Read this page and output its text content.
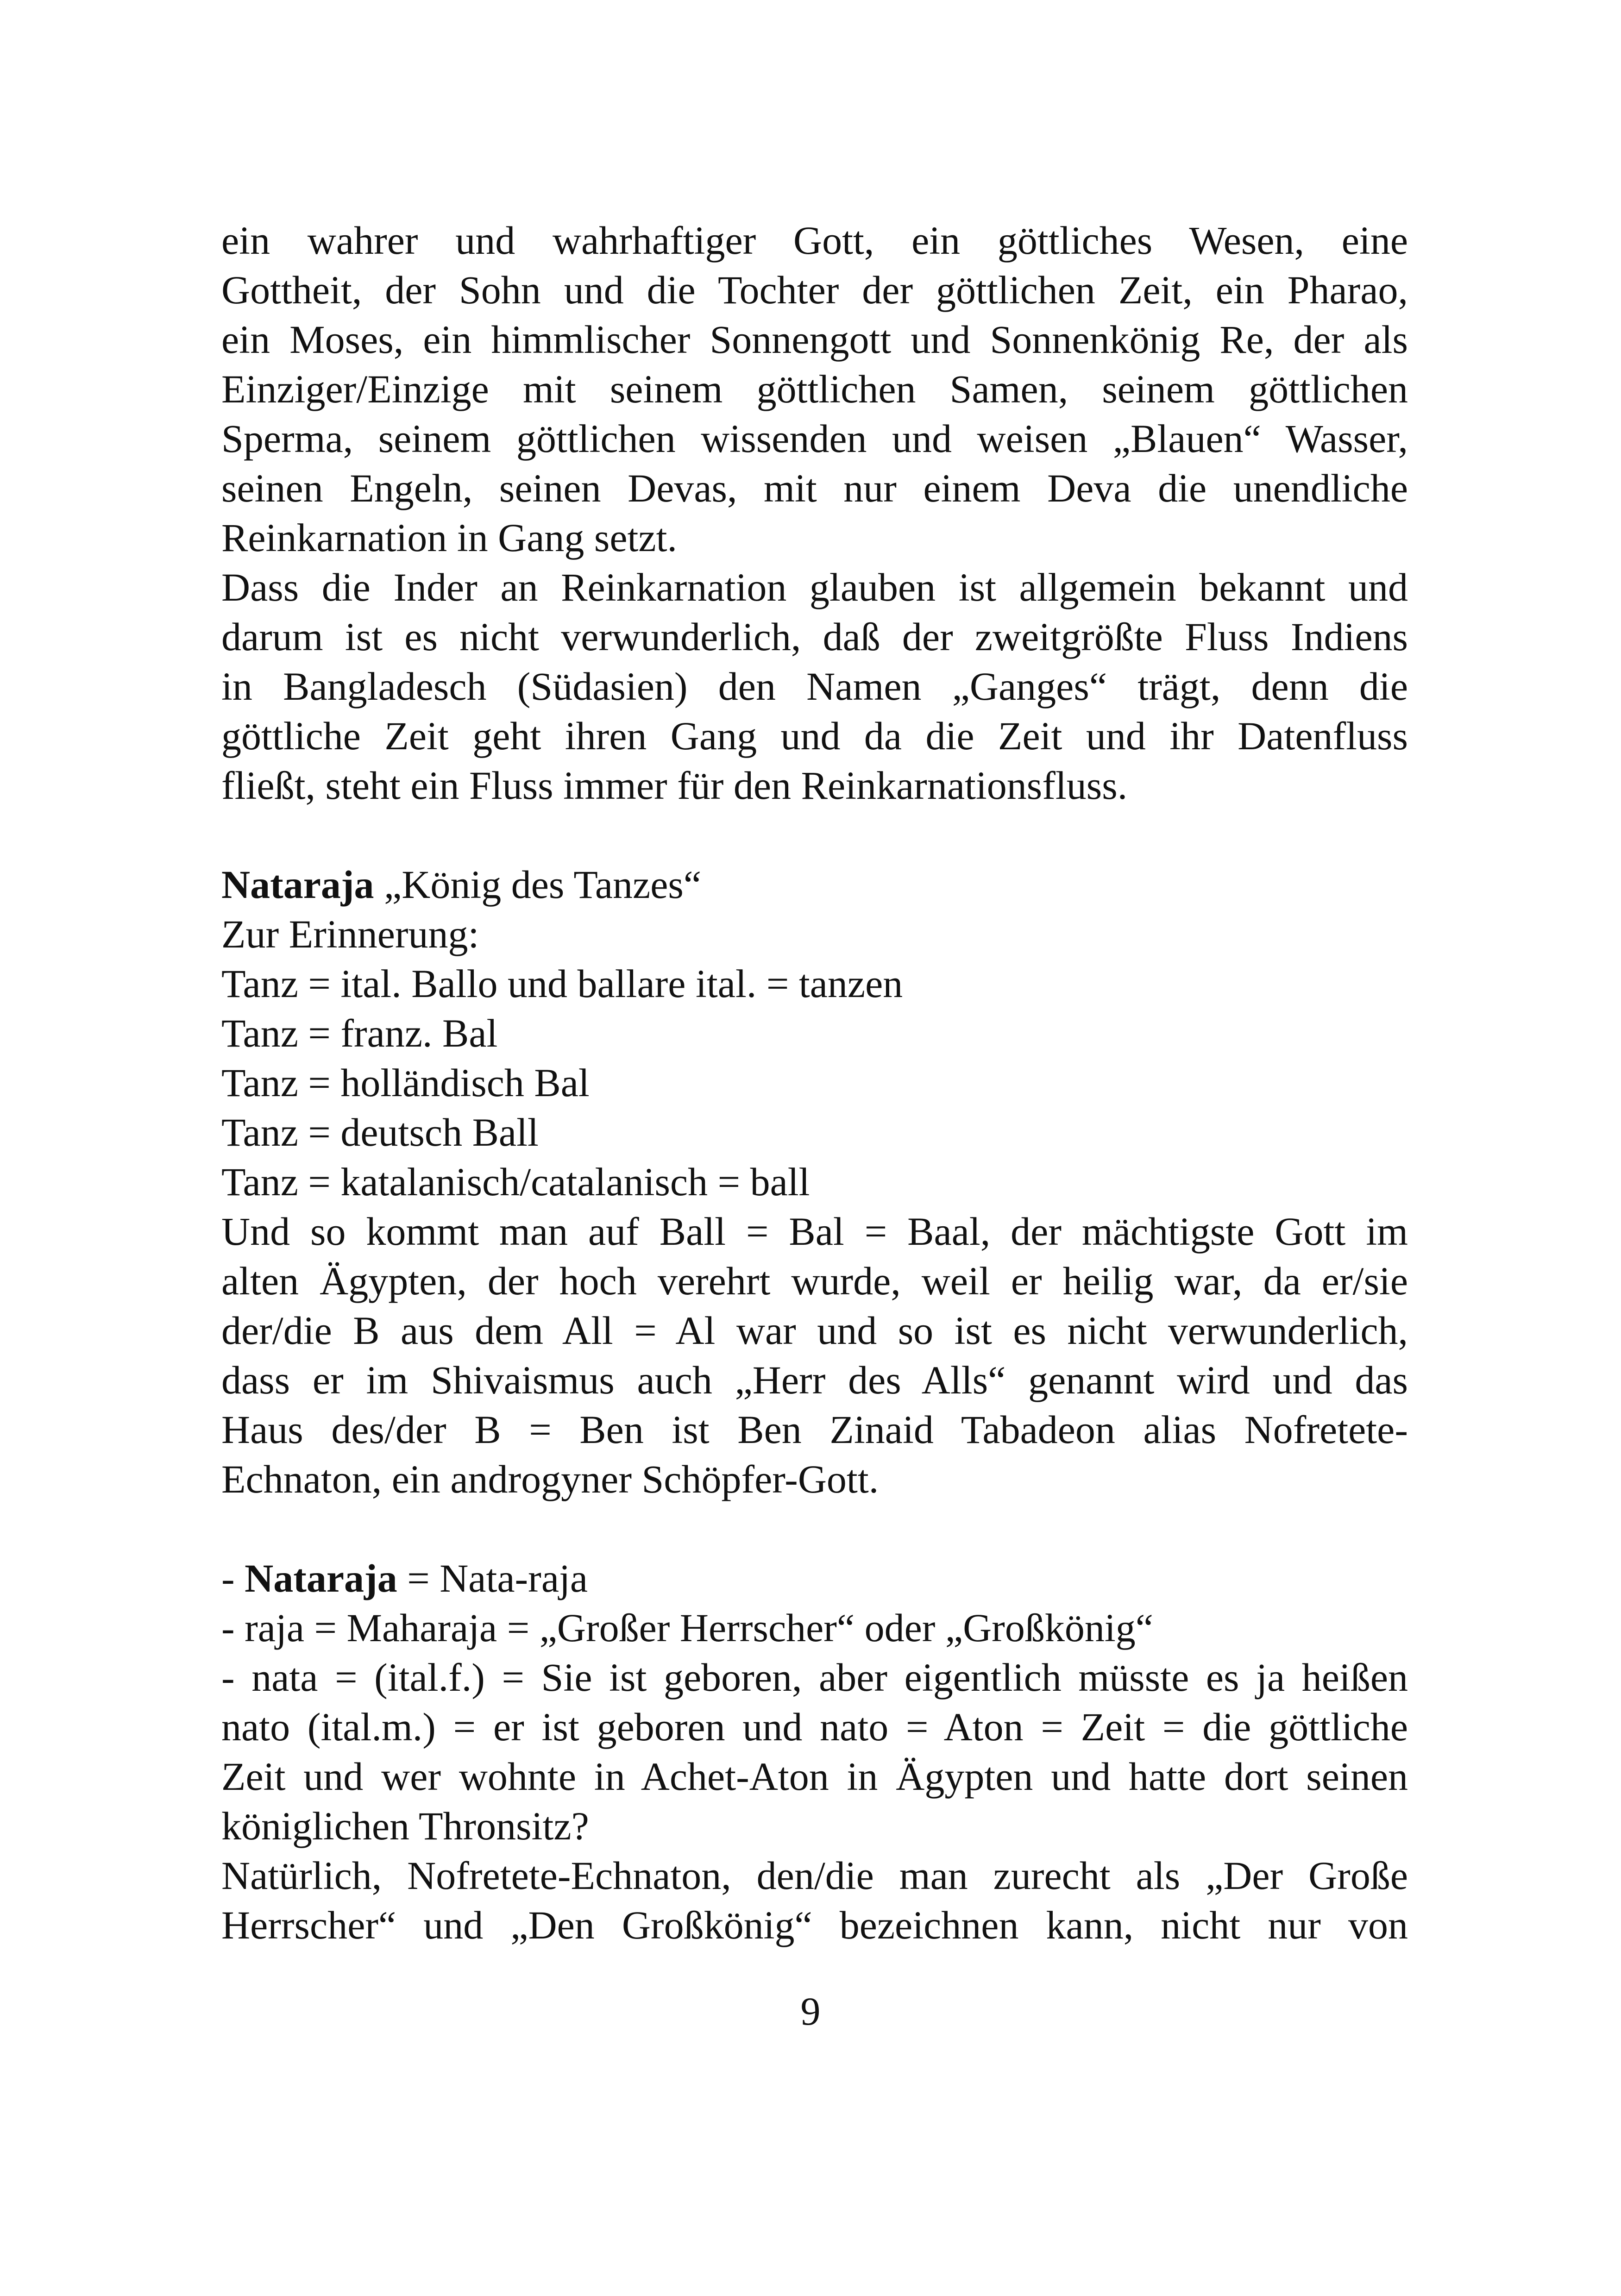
ein wahrer und wahrhaftiger Gott, ein göttliches Wesen, eine
Gottheit, der Sohn und die Tochter der göttlichen Zeit, ein Pharao,
ein Moses, ein himmlischer Sonnengott und Sonnenkönig Re, der als
Einziger/Einzige mit seinem göttlichen Samen, seinem göttlichen
Sperma, seinem göttlichen wissenden und weisen „Blauen“ Wasser,
seinen Engeln, seinen Devas, mit nur einem Deva die unendliche
Reinkarnation in Gang setzt.
Dass die Inder an Reinkarnation glauben ist allgemein bekannt und
darum ist es nicht verwunderlich, daß der zweitgrößte Fluss Indiens
in Bangladesch (Südasien) den Namen „Ganges“ trägt, denn die
göttliche Zeit geht ihren Gang und da die Zeit und ihr Datenfluss
fließt, steht ein Fluss immer für den Reinkarnationsfluss.
Nataraja „König des Tanzes“
Zur Erinnerung:
Tanz = ital. Ballo und ballare ital. = tanzen
Tanz = franz. Bal
Tanz = holländisch Bal
Tanz = deutsch Ball
Tanz = katalanisch/catalanisch = ball
Und so kommt man auf Ball = Bal = Baal, der mächtigste Gott im
alten Ägypten, der hoch verehrt wurde, weil er heilig war, da er/sie
der/die B aus dem All = Al war und so ist es nicht verwunderlich,
dass er im Shivaismus auch „Herr des Alls“ genannt wird und das
Haus des/der B = Ben ist Ben Zinaid Tabadeon alias Nofretete-
Echnaton, ein androgyner Schöpfer-Gott.
- Nataraja = Nata-raja
- raja = Maharaja = „Großer Herrscher“ oder „Großkönig“
- nata = (ital.f.) = Sie ist geboren, aber eigentlich müsste es ja heißen
nato (ital.m.) = er ist geboren und nato = Aton = Zeit = die göttliche
Zeit und wer wohnte in Achet-Aton in Ägypten und hatte dort seinen
königlichen Thronsitz?
Natürlich, Nofretete-Echnaton, den/die man zurecht als „Der Große
Herrscher“ und „Den Großkönig“ bezeichnen kann, nicht nur von
9
